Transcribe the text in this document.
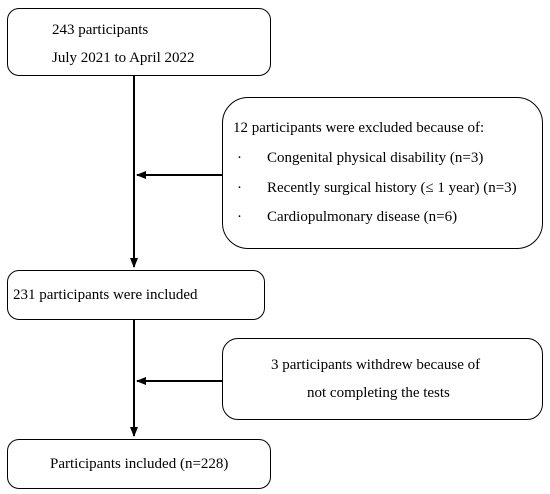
243 participants
July 2021 to April 2022
12 participants were excluded because of:
· Congenital physical disability (n=3)
· Recently surgical history (≤ 1 year) (n=3)
· Cardiopulmonary disease (n=6)
231 participants were included
3 participants withdrew because of
not completing the tests
Participants included (n=228)
